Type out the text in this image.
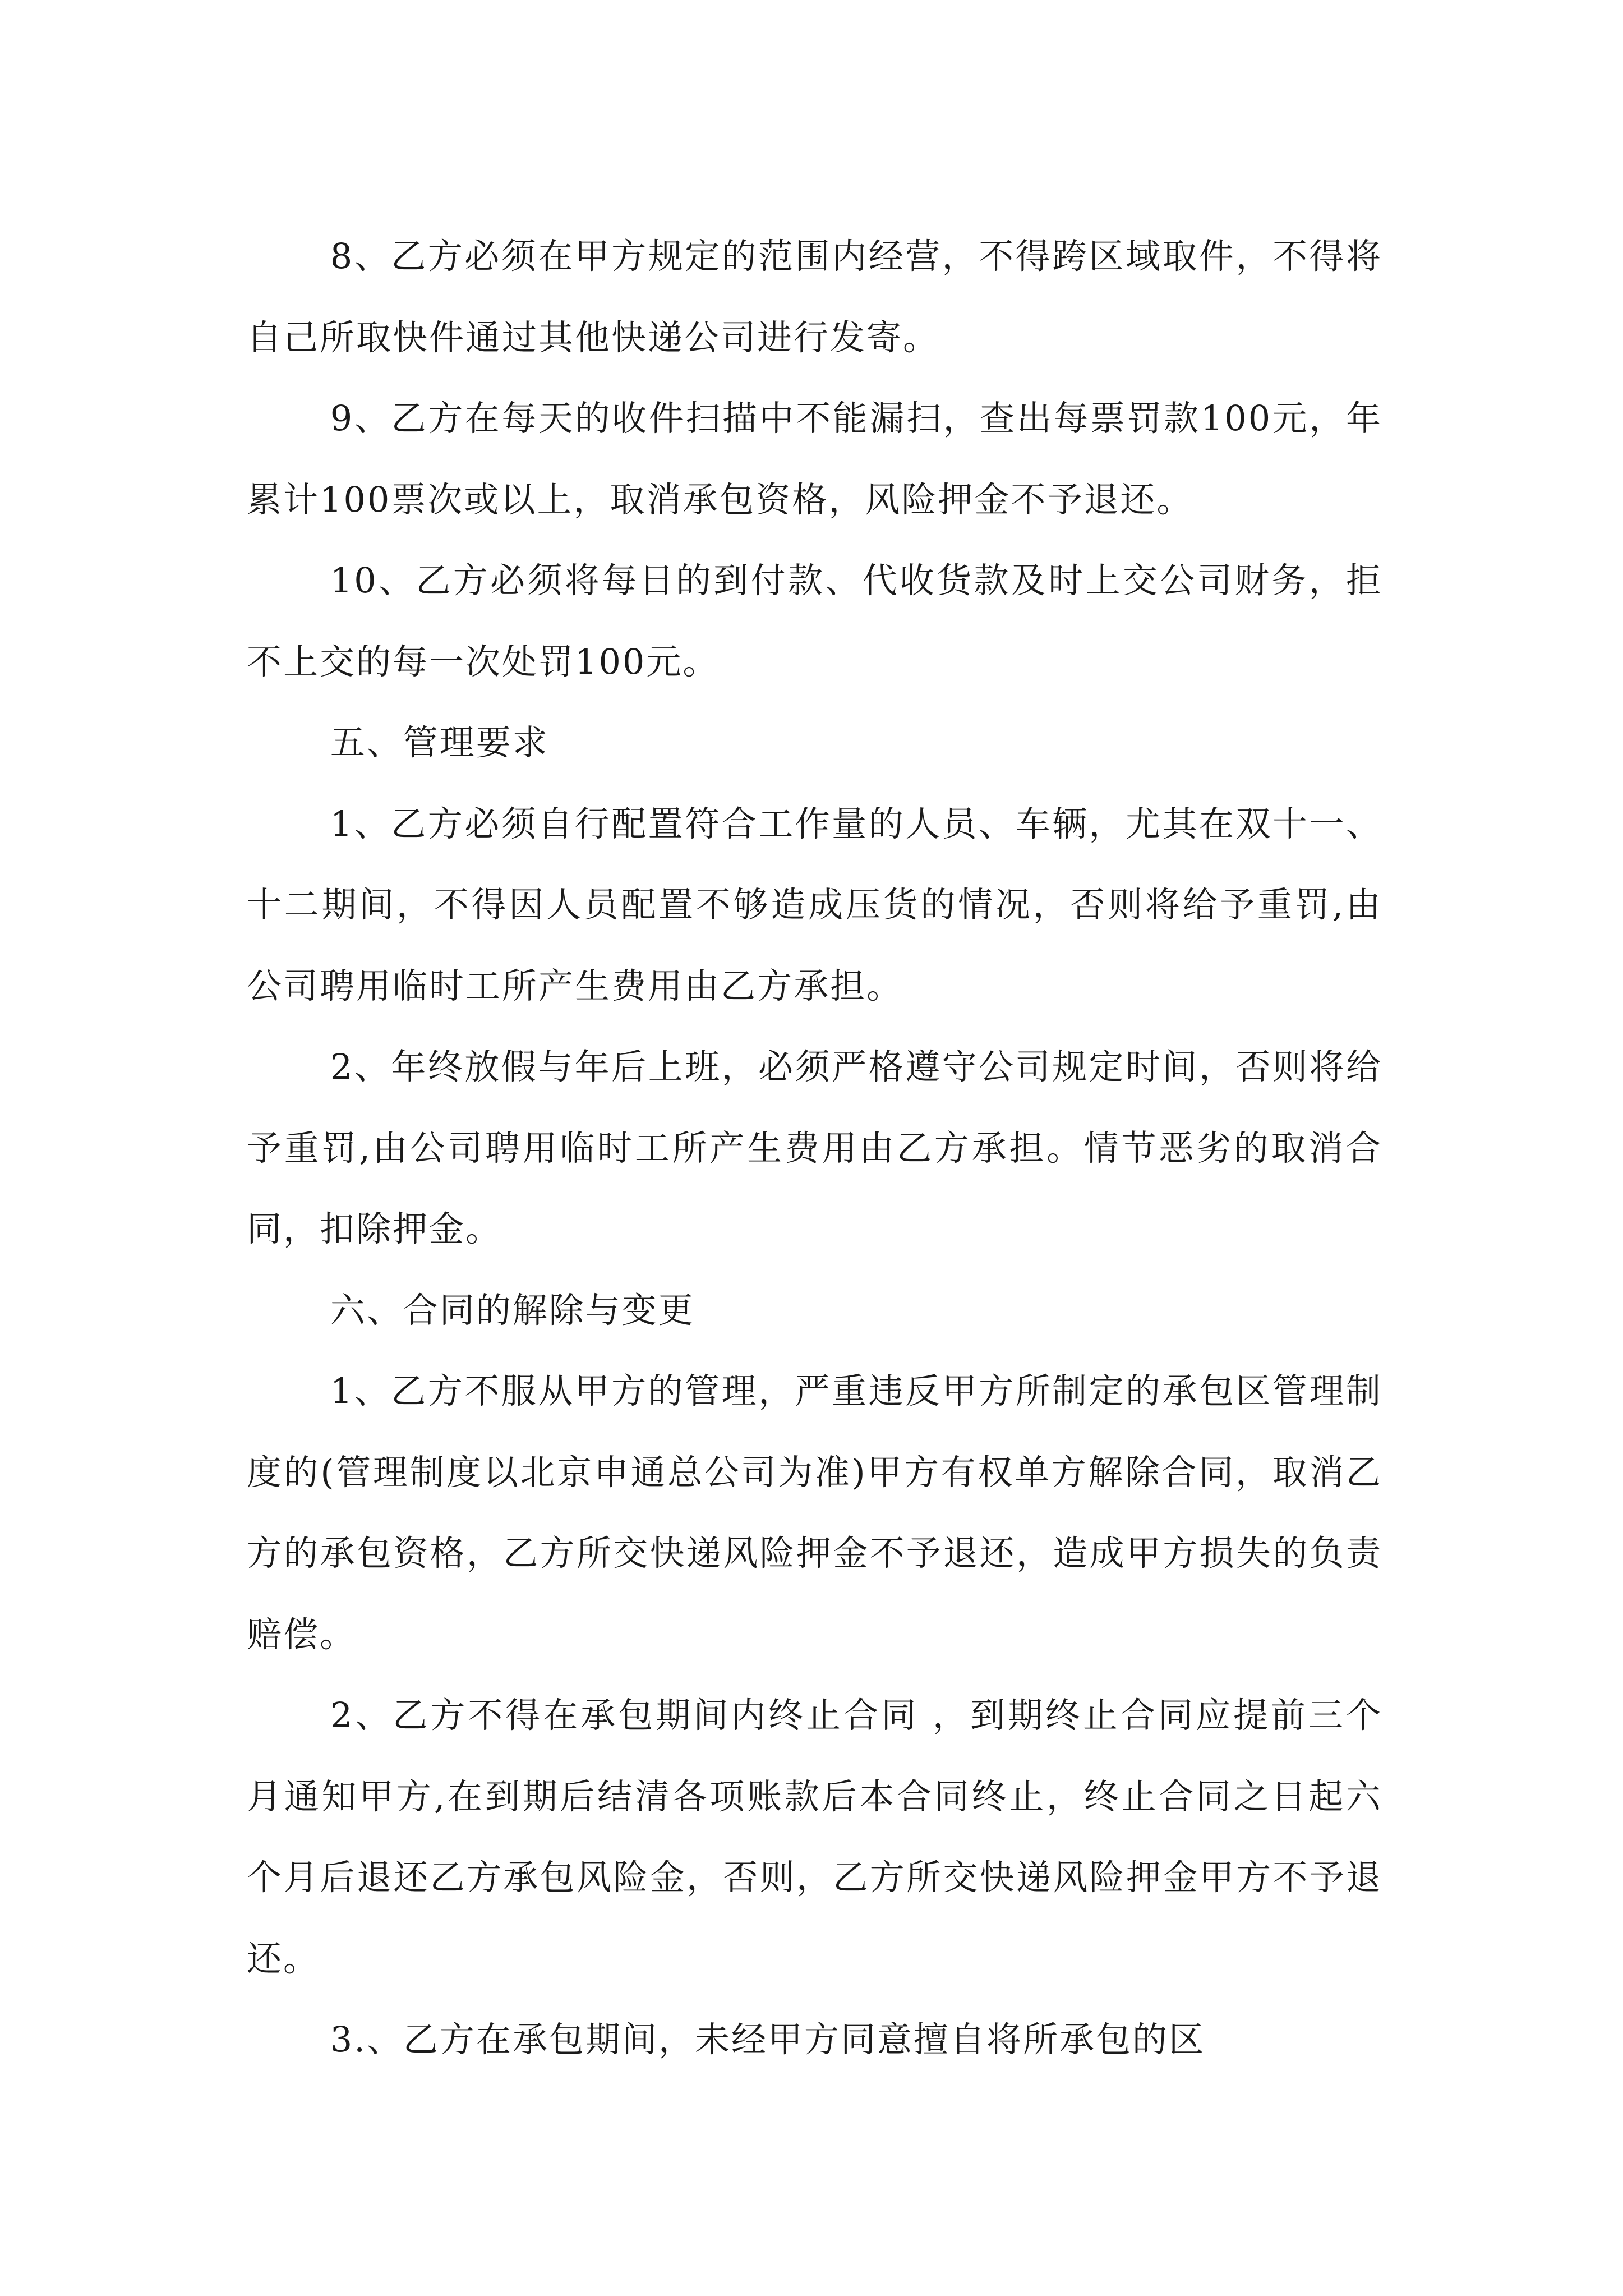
8、乙方必须在甲方规定的范围内经营，不得跨区域取件，不得将自己所取快件通过其他快递公司进行发寄。

9、乙方在每天的收件扫描中不能漏扫，查出每票罚款100元，年累计100票次或以上，取消承包资格，风险押金不予退还。

10、乙方必须将每日的到付款、代收货款及时上交公司财务，拒不上交的每一次处罚100元。

五、管理要求

1、乙方必须自行配置符合工作量的人员、车辆，尤其在双十一、十二期间，不得因人员配置不够造成压货的情况，否则将给予重罚,由公司聘用临时工所产生费用由乙方承担。

2、年终放假与年后上班，必须严格遵守公司规定时间，否则将给予重罚,由公司聘用临时工所产生费用由乙方承担。情节恶劣的取消合同，扣除押金。

六、合同的解除与变更

1、乙方不服从甲方的管理，严重违反甲方所制定的承包区管理制度的(管理制度以北京申通总公司为准)甲方有权单方解除合同，取消乙方的承包资格，乙方所交快递风险押金不予退还，造成甲方损失的负责赔偿。

2、乙方不得在承包期间内终止合同 ，到期终止合同应提前三个月通知甲方,在到期后结清各项账款后本合同终止，终止合同之日起六个月后退还乙方承包风险金，否则，乙方所交快递风险押金甲方不予退还。

3.、乙方在承包期间，未经甲方同意擅自将所承包的区
